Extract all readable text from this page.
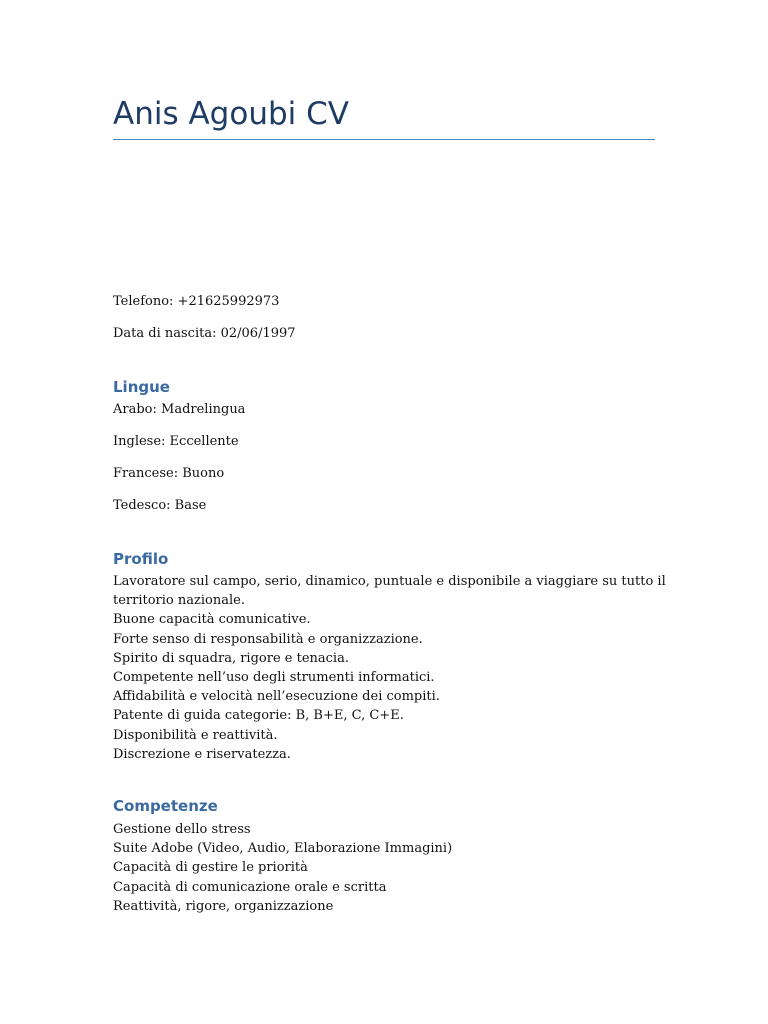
Anis Agoubi CV

Telefono: +21625992973

Data di nascita: 02/06/1997

Lingue

Arabo: Madrelingua

Inglese: Eccellente

Francese: Buono

Tedesco: Base

Profilo
Lavoratore sul campo, serio, dinamico, puntuale e disponibile a viaggiare su tutto il
territorio nazionale.
Buone capacità comunicative.
Forte senso di responsabilità e organizzazione.
Spirito di squadra, rigore e tenacia.
Competente nell’uso degli strumenti informatici.
Affidabilità e velocità nell’esecuzione dei compiti.
Patente di guida categorie: B, B+E, C, C+E.
Disponibilità e reattività.
Discrezione e riservatezza.
Competenze
Gestione dello stress
Suite Adobe (Video, Audio, Elaborazione Immagini)
Capacità di gestire le priorità
Capacità di comunicazione orale e scritta
Reattività, rigore, organizzazione
